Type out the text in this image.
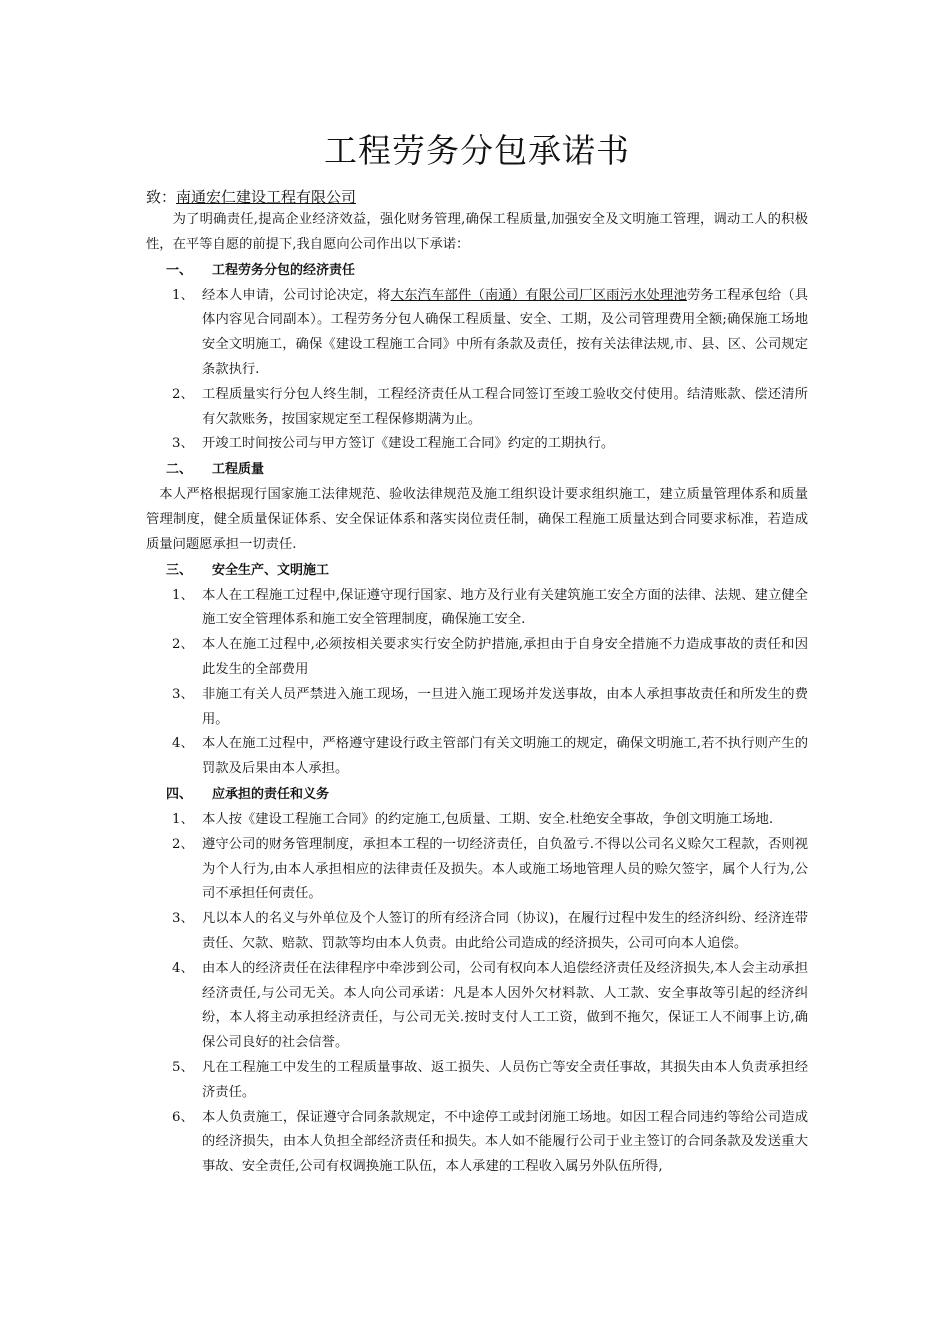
工程劳务分包承诺书
致：南通宏仁建设工程有限公司
为了明确责任,提高企业经济效益，强化财务管理,确保工程质量,加强安全及文明施工管理，调动工人的积极性，在平等自愿的前提下,我自愿向公司作出以下承诺：
一、	工程劳务分包的经济责任
1、 经本人申请，公司讨论决定，将大东汽车部件（南通）有限公司厂区雨污水处理池劳务工程承包给（具体内容见合同副本）。工程劳务分包人确保工程质量、安全、工期，及公司管理费用全额;确保施工场地安全文明施工，确保《建设工程施工合同》中所有条款及责任，按有关法律法规,市、县、区、公司规定条款执行.
2、 工程质量实行分包人终生制，工程经济责任从工程合同签订至竣工验收交付使用。结清账款、偿还清所有欠款账务，按国家规定至工程保修期满为止。
3、 开竣工时间按公司与甲方签订《建设工程施工合同》约定的工期执行。
二、	工程质量
本人严格根据现行国家施工法律规范、验收法律规范及施工组织设计要求组织施工，建立质量管理体系和质量管理制度，健全质量保证体系、安全保证体系和落实岗位责任制，确保工程施工质量达到合同要求标准，若造成质量问题愿承担一切责任.
三、	安全生产、文明施工
1、 本人在工程施工过程中,保证遵守现行国家、地方及行业有关建筑施工安全方面的法律、法规、建立健全施工安全管理体系和施工安全管理制度，确保施工安全.
2、 本人在施工过程中,必须按相关要求实行安全防护措施,承担由于自身安全措施不力造成事故的责任和因此发生的全部费用
3、 非施工有关人员严禁进入施工现场，一旦进入施工现场并发送事故，由本人承担事故责任和所发生的费用。
4、 本人在施工过程中，严格遵守建设行政主管部门有关文明施工的规定，确保文明施工,若不执行则产生的罚款及后果由本人承担。
四、	应承担的责任和义务
1、 本人按《建设工程施工合同》的约定施工,包质量、工期、安全.杜绝安全事故，争创文明施工场地.
2、 遵守公司的财务管理制度，承担本工程的一切经济责任，自负盈亏.不得以公司名义赊欠工程款，否则视为个人行为,由本人承担相应的法律责任及损失。本人或施工场地管理人员的赊欠签字，属个人行为,公司不承担任何责任。
3、 凡以本人的名义与外单位及个人签订的所有经济合同（协议)，在履行过程中发生的经济纠纷、经济连带责任、欠款、赔款、罚款等均由本人负责。由此给公司造成的经济损失，公司可向本人追偿。
4、 由本人的经济责任在法律程序中牵涉到公司，公司有权向本人追偿经济责任及经济损失,本人会主动承担经济责任,与公司无关。本人向公司承诺：凡是本人因外欠材料款、人工款、安全事故等引起的经济纠纷，本人将主动承担经济责任，与公司无关.按时支付人工工资，做到不拖欠，保证工人不闹事上访,确保公司良好的社会信誉。
5、 凡在工程施工中发生的工程质量事故、返工损失、人员伤亡等安全责任事故，其损失由本人负责承担经济责任。
6、 本人负责施工，保证遵守合同条款规定，不中途停工或封闭施工场地。如因工程合同违约等给公司造成的经济损失，由本人负担全部经济责任和损失。本人如不能履行公司于业主签订的合同条款及发送重大事故、安全责任,公司有权调换施工队伍，本人承建的工程收入属另外队伍所得,
